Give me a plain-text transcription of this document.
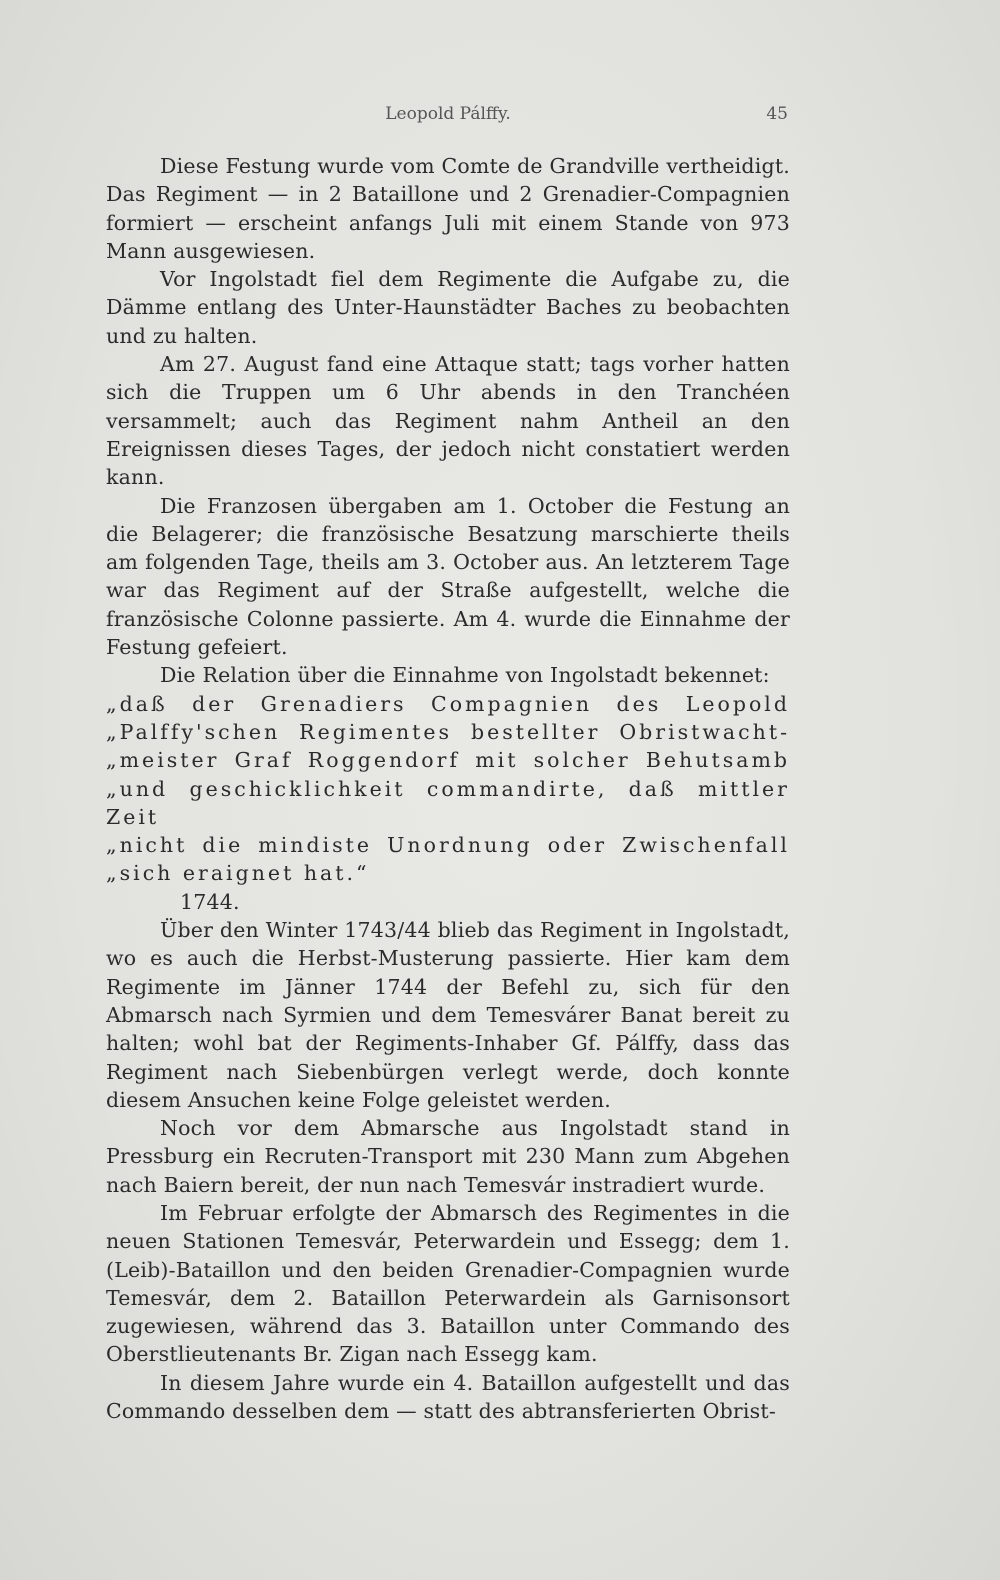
Leopold Pálffy.	45

Diese Festung wurde vom Comte de Grandville vertheidigt. Das Regiment — in 2 Bataillone und 2 Grenadier-Compagnien formiert — erscheint anfangs Juli mit einem Stande von 973 Mann ausgewiesen.

Vor Ingolstadt fiel dem Regimente die Aufgabe zu, die Dämme entlang des Unter-Haunstädter Baches zu beobachten und zu halten.

Am 27. August fand eine Attaque statt; tags vorher hatten sich die Truppen um 6 Uhr abends in den Tranchéen versammelt; auch das Regiment nahm Antheil an den Ereignissen dieses Tages, der jedoch nicht constatiert werden kann.

Die Franzosen übergaben am 1. October die Festung an die Belagerer; die französische Besatzung marschierte theils am folgenden Tage, theils am 3. October aus. An letzterem Tage war das Regiment auf der Straße aufgestellt, welche die französische Colonne passierte. Am 4. wurde die Einnahme der Festung gefeiert.

Die Relation über die Einnahme von Ingolstadt bekennet:

„daß der Grenadiers Compagnien des Leopold
„Palffy'schen Regimentes bestellter Obristwacht-
„meister Graf Roggendorf mit solcher Behutsamb
„und geschicklichkeit commandirte, daß mittler Zeit
„nicht die mindiste Unordnung oder Zwischenfall
„sich eraignet hat.“

1744.

Über den Winter 1743/44 blieb das Regiment in Ingolstadt, wo es auch die Herbst-Musterung passierte. Hier kam dem Regimente im Jänner 1744 der Befehl zu, sich für den Abmarsch nach Syrmien und dem Temesvárer Banat bereit zu halten; wohl bat der Regiments-Inhaber Gf. Pálffy, dass das Regiment nach Siebenbürgen verlegt werde, doch konnte diesem Ansuchen keine Folge geleistet werden.

Noch vor dem Abmarsche aus Ingolstadt stand in Pressburg ein Recruten-Transport mit 230 Mann zum Abgehen nach Baiern bereit, der nun nach Temesvár instradiert wurde.

Im Februar erfolgte der Abmarsch des Regimentes in die neuen Stationen Temesvár, Peterwardein und Essegg; dem 1. (Leib)-Bataillon und den beiden Grenadier-Compagnien wurde Temesvár, dem 2. Bataillon Peterwardein als Garnisonsort zugewiesen, während das 3. Bataillon unter Commando des Oberstlieutenants Br. Zigan nach Essegg kam.

In diesem Jahre wurde ein 4. Bataillon aufgestellt und das Commando desselben dem — statt des abtransferierten Obrist-
